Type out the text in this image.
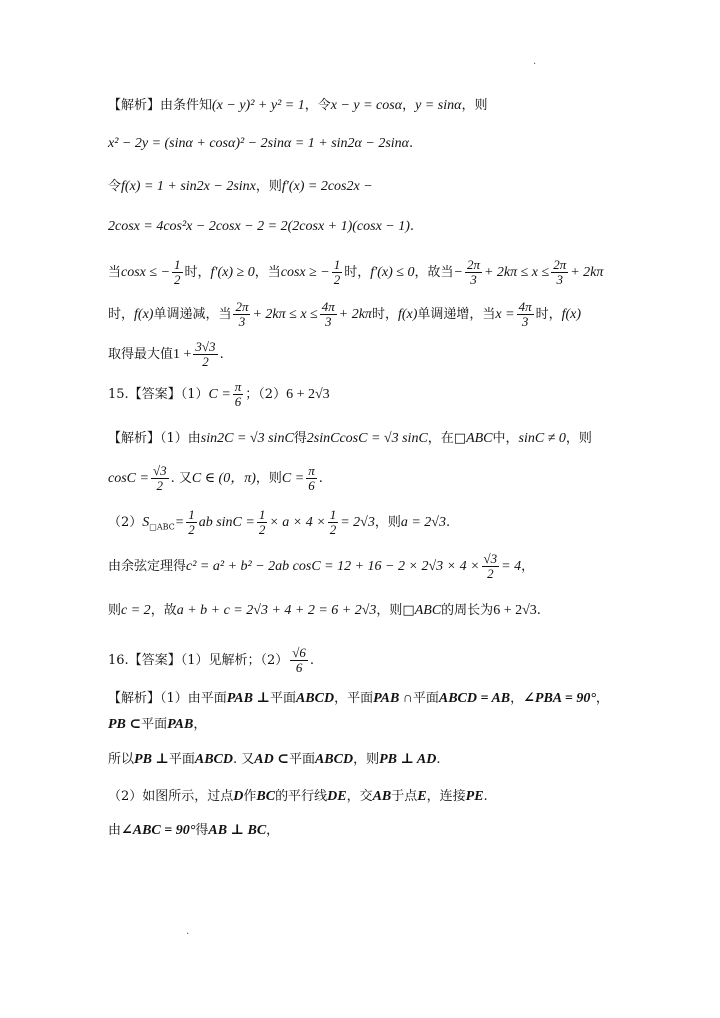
.
.
【解析】由条件知(x − y)² + y² = 1，令x − y = cosα，y = sinα，则
x² − 2y = (sinα + cosα)² − 2sinα = 1 + sin2α − 2sinα.
令f(x) = 1 + sin2x − 2sinx，则f′(x) = 2cos2x −
2cosx = 4cos²x − 2cosx − 2 = 2(2cosx + 1)(cosx − 1).
当cosx ≤ − $\frac{1}{2}$ 时，f′(x) ≥ 0，当cosx ≥ − $\frac{1}{2}$ 时，f′(x) ≤ 0，故当− $\frac{2\pi}{3} + 2k\pi \le x \le \frac{2\pi}{3} + 2k\pi$
时，f(x)单调递减，当 $\frac{2\pi}{3} + 2k\pi \le x \le \frac{4\pi}{3} + 2k\pi$时，f(x)单调递增，当$x = \frac{4\pi}{3}$ 时，f(x)
取得最大值$1 + \frac{3√3}{2}$ .
15.【答案】$(1)C = \frac{\pi}{6}$ ；（2）6 + 2√3
【解析】（1）由sin2C = √3 sinC得2sinCcosC = √3 sinC，在□ABC中，sinC ≠ 0，则
$\cos C = \frac{√3}{2}$ . 又C ∈ (0，π)，则$C = \frac{\pi}{6}$ .
$(2)S_{□ABC}= \frac{1}{2}$ ab $\sin C = \frac{1}{2} \times a \times 4 \times \frac{1}{2} = 2√3$，则a = 2√3.
由余弦定理得c² = a² + b² − 2ab $\cos C = 12 + 16 - 2 \times 2√3 \times 4 \times \frac{√3}{2} = 4$，
则c = 2，故a + b + c = 2√3 + 4 + 2 = 6 + 2√3，则□ABC的周长为6 + 2√3.
16.【答案】（1）见解析；$(2) \frac{√6}{6}$ .
【解析】（1）由平面PAB ⊥平面ABCD，平面PAB ∩平面ABCD = AB，∠PBA = 90°，
PB ⊂平面PAB，
所以PB ⊥平面ABCD. 又AD ⊂平面ABCD，则PB ⊥ AD.
（2）如图所示，过点D作BC的平行线DE，交AB于点E，连接PE.
由∠ABC = 90°得AB ⊥ BC，
